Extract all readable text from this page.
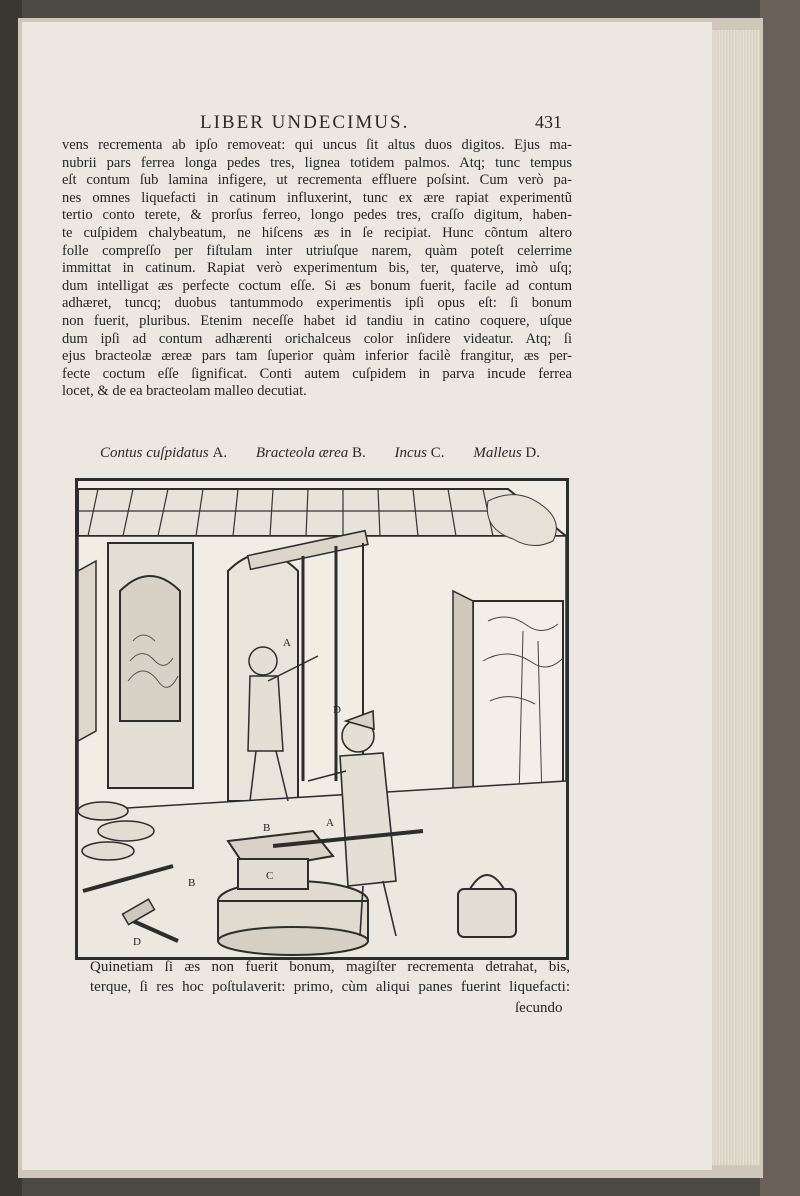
LIBER UNDECIMUS.	431
vens recrementa ab ipſo removeat: qui uncus ſit altus duos digitos. Ejus ma-
nubrii pars ferrea longa pedes tres, lignea totidem palmos. Atq; tunc tempus
eſt contum ſub lamina infigere, ut recrementa effluere poſsint. Cum verò pa-
nes omnes liquefacti in catinum influxerint, tunc ex ære rapiat experimentũ
tertio conto terete, & prorſus ferreo, longo pedes tres, craſſo digitum, haben-
te cuſpidem chalybeatum, ne hiſcens æs in ſe recipiat. Hunc cõntum altero
folle compreſſo per fiſtulam inter utriuſque narem, quàm poteſt celerrime
immittat in catinum. Rapiat verò experimentum bis, ter, quaterve, imò uſq;
dum intelligat æs perfecte coctum eſſe. Si æs bonum fuerit, facile ad contum
adhæret, tuncq; duobus tantummodo experimentis ipſi opus eſt: ſi bonum
non fuerit, pluribus. Etenim neceſſe habet id tandiu in catino coquere, uſque
dum ipſi ad contum adhærenti orichalceus color inſidere videatur. Atq; ſi
ejus bracteolæ æreæ pars tam ſuperior quàm inferior facilè frangitur, æs per-
fecte coctum eſſe ſignificat. Conti autem cuſpidem in parva incude ferrea
locet, & de ea bracteolam malleo decutiat.
Contus cuſpidatus A. Bracteola ærea B. Incus C. Malleus D.
A
B	A
C
B
D
D
Quinetiam ſi æs non fuerit bonum, magiſter recrementa detrahat, bis,
terque, ſi res hoc poſtulaverit: primo, cùm aliqui panes fuerint liquefacti:
ſecundo
